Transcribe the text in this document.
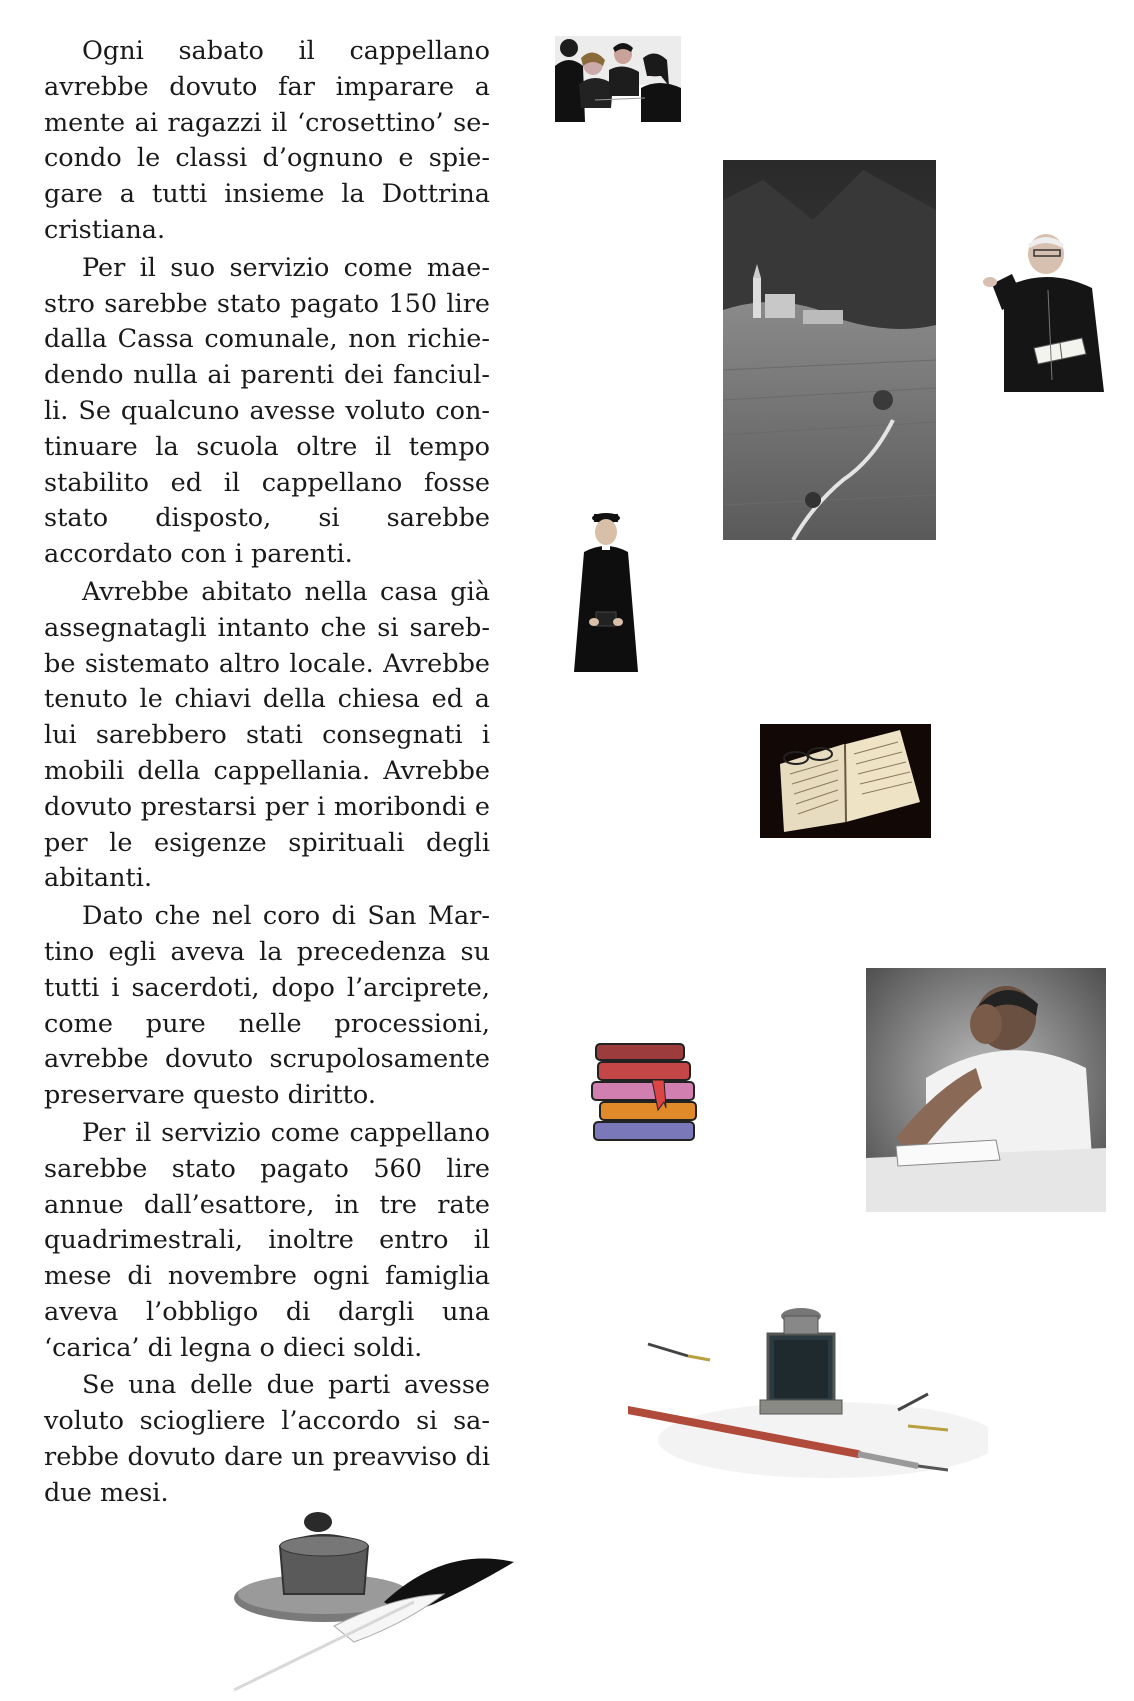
Ogni sabato il cappellano avrebbe dovuto far imparare a mente ai ragazzi il ‘crosettino’ secondo le classi d’ognuno e spiegare a tutti insieme la Dottrina cristiana.

Per il suo servizio come maestro sarebbe stato pagato 150 lire dalla Cassa comunale, non richiedendo nulla ai parenti dei fanciulli. Se qualcuno avesse voluto continuare la scuola oltre il tempo stabilito ed il cappellano fosse stato disposto, si sarebbe accordato con i parenti.

Avrebbe abitato nella casa già assegnatagli intanto che si sarebbe sistemato altro locale. Avrebbe tenuto le chiavi della chiesa ed a lui sarebbero stati consegnati i mobili della cappellania. Avrebbe dovuto prestarsi per i moribondi e per le esigenze spirituali degli abitanti.

Dato che nel coro di San Martino egli aveva la precedenza su tutti i sacerdoti, dopo l’arciprete, come pure nelle processioni, avrebbe dovuto scrupolosamente preservare questo diritto.

Per il servizio come cappellano sarebbe stato pagato 560 lire annue dall’esattore, in tre rate quadrimestrali, inoltre entro il mese di novembre ogni famiglia aveva l’obbligo di dargli una ‘carica’ di legna o dieci soldi.

Se una delle due parti avesse voluto sciogliere l’accordo si sarebbe dovuto dare un preavviso di due mesi.
